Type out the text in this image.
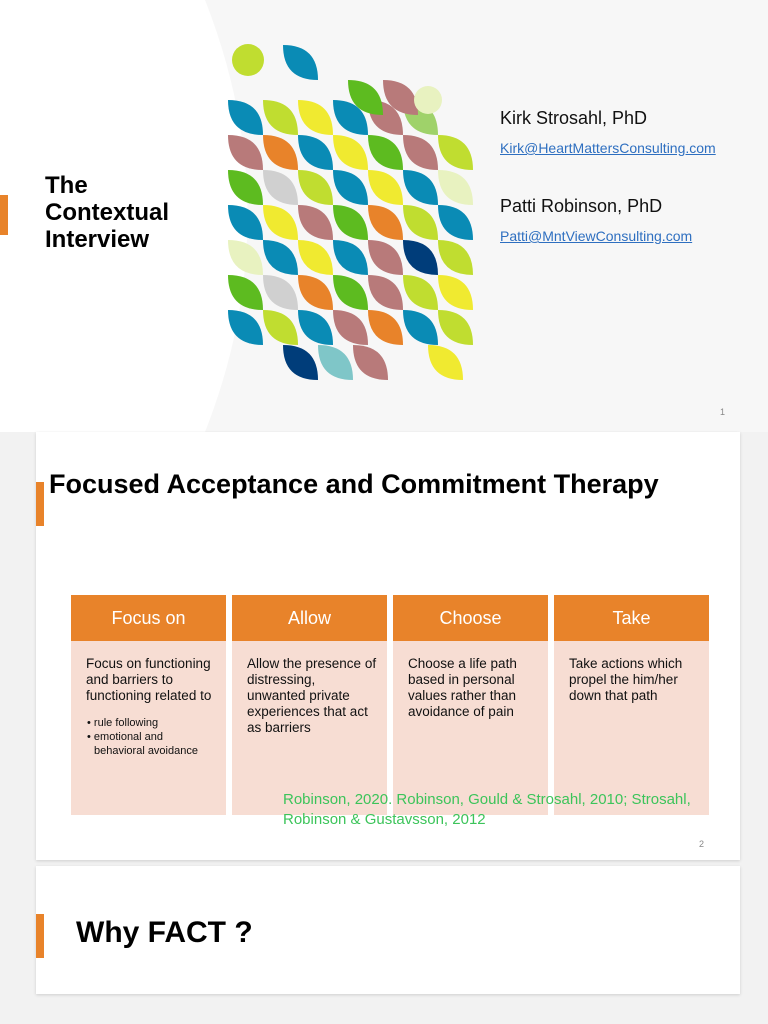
The Contextual Interview
Kirk Strosahl, PhD
Kirk@HeartMattersConsulting.com
Patti Robinson, PhD
Patti@MntViewConsulting.com
1
Focused Acceptance and Commitment Therapy
Focus on
Focus on functioning and barriers to functioning related to
• rule following
• emotional and behavioral avoidance
Allow
Allow the presence of distressing, unwanted private experiences that act as barriers
Choose
Choose a life path based in personal values rather than avoidance of pain
Take
Take actions which propel the him/her down that path
Robinson, 2020. Robinson, Gould & Strosahl, 2010; Strosahl, Robinson & Gustavsson, 2012
2
Why FACT ?
